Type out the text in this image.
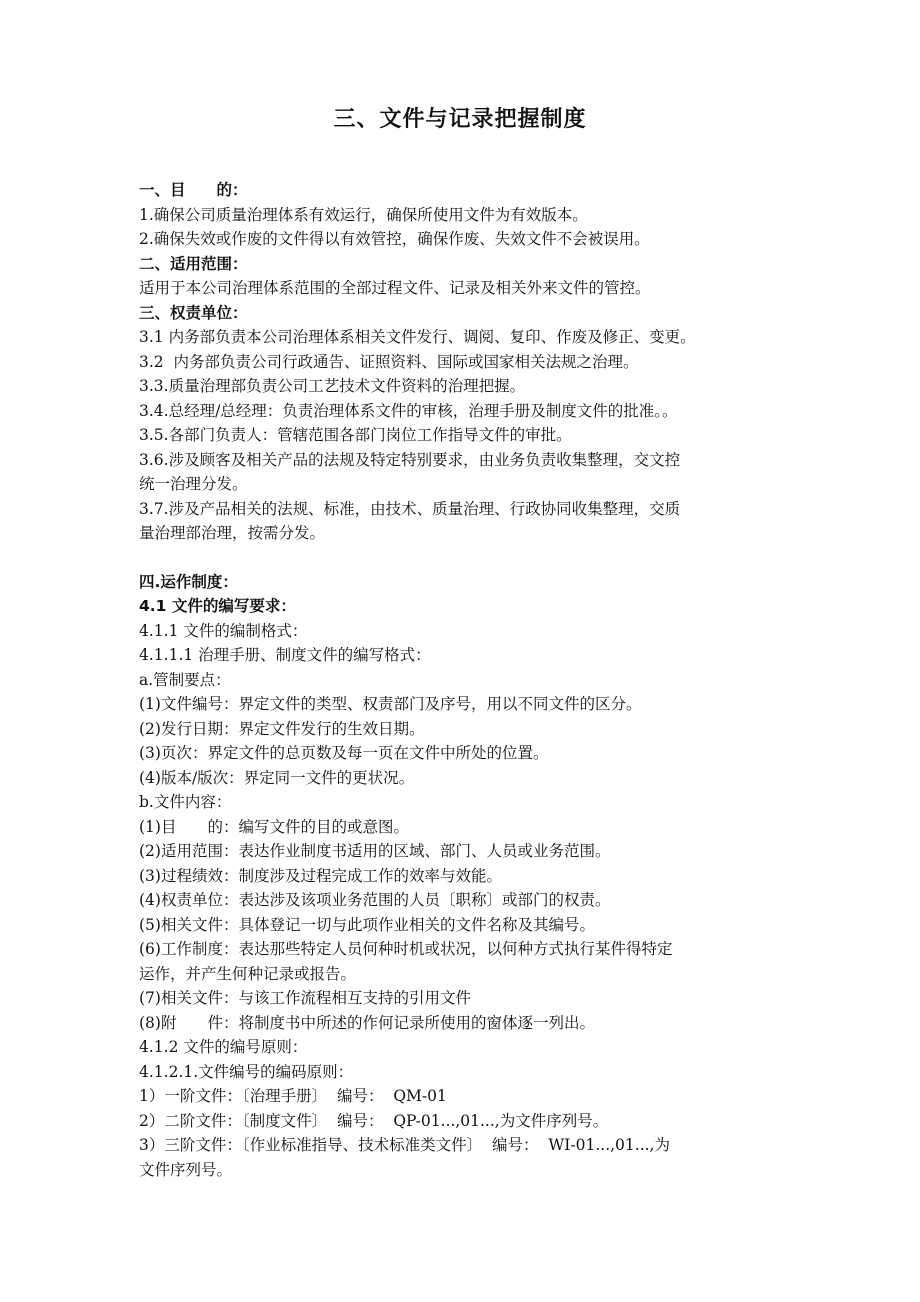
三、文件与记录把握制度

一、目　　的：

1.确保公司质量治理体系有效运行，确保所使用文件为有效版本。

2.确保失效或作废的文件得以有效管控，确保作废、失效文件不会被误用。

二、适用范围：

适用于本公司治理体系范围的全部过程文件、记录及相关外来文件的管控。

三、权责单位：

3.1 内务部负责本公司治理体系相关文件发行、调阅、复印、作废及修正、变更。

3.2  内务部负责公司行政通告、证照资料、国际或国家相关法规之治理。

3.3.质量治理部负责公司工艺技术文件资料的治理把握。

3.4.总经理/总经理：负责治理体系文件的审核，治理手册及制度文件的批准。。

3.5.各部门负责人：管辖范围各部门岗位工作指导文件的审批。

3.6.涉及顾客及相关产品的法规及特定特别要求，由业务负责收集整理，交文控

统一治理分发。

3.7.涉及产品相关的法规、标准，由技术、质量治理、行政协同收集整理，交质

量治理部治理，按需分发。

四.运作制度：

4.1 文件的编写要求：

4.1.1 文件的编制格式：

4.1.1.1 治理手册、制度文件的编写格式：

a.管制要点：

(1)文件编号：界定文件的类型、权责部门及序号，用以不同文件的区分。

(2)发行日期：界定文件发行的生效日期。

(3)页次：界定文件的总页数及每一页在文件中所处的位置。

(4)版本/版次：界定同一文件的更状况。

b.文件内容：

(1)目　　的：编写文件的目的或意图。

(2)适用范围：表达作业制度书适用的区域、部门、人员或业务范围。

(3)过程绩效：制度涉及过程完成工作的效率与效能。

(4)权责单位：表达涉及该项业务范围的人员〔职称〕或部门的权责。

(5)相关文件：具体登记一切与此项作业相关的文件名称及其编号。

(6)工作制度：表达那些特定人员何种时机或状况，以何种方式执行某件得特定

运作，并产生何种记录或报告。

(7)相关文件：与该工作流程相互支持的引用文件

(8)附　　件：将制度书中所述的作何记录所使用的窗体逐一列出。

4.1.2 文件的编号原则：

4.1.2.1.文件编号的编码原则：

1）一阶文件：〔治理手册〕  编号：  QM-01

2）二阶文件：〔制度文件〕  编号：  QP-01...,01...,为文件序列号。

3）三阶文件：〔作业标准指导、技术标准类文件〕  编号：  WI-01...,01...,为

文件序列号。
